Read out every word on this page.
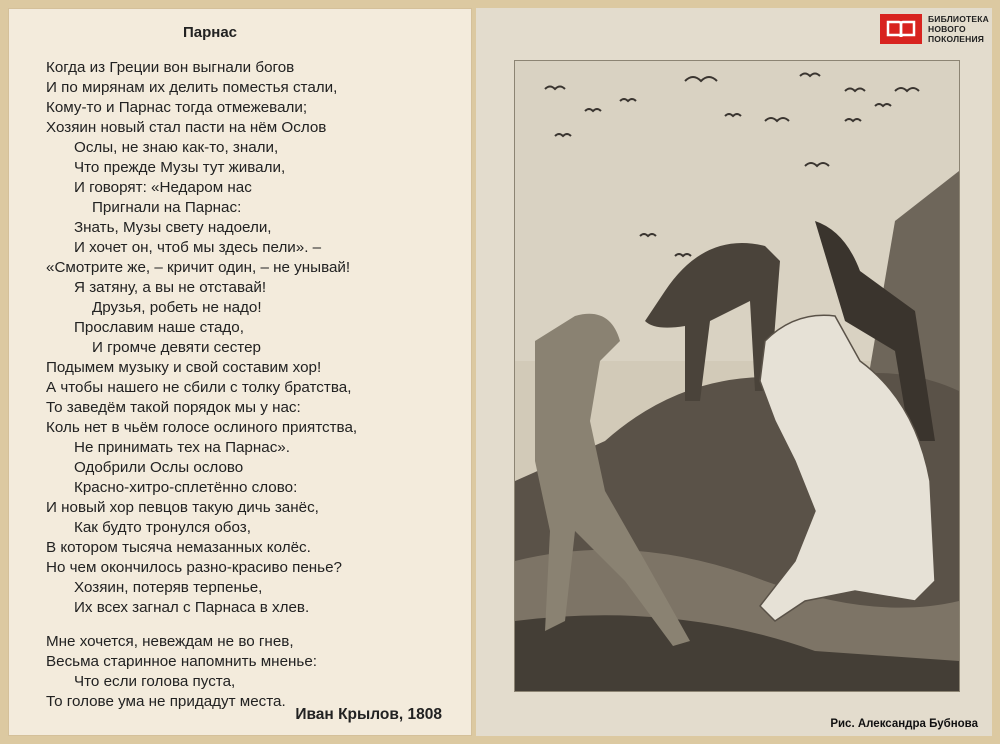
Парнас
Когда из Греции вон выгнали богов
И по мирянам их делить поместья стали,
Кому-то и Парнас тогда отмежевали;
Хозяин новый стал пасти на нём Ослов
Ослы, не знаю как-то, знали,
Что прежде Музы тут живали,
И говорят: «Недаром нас
Пригнали на Парнас:
Знать, Музы свету надоели,
И хочет он, чтоб мы здесь пели». –
«Смотрите же, – кричит один, – не унывай!
Я затяну, а вы не отставай!
Друзья, робеть не надо!
Прославим наше стадо,
И громче девяти сестер
Подымем музыку и свой составим хор!
А чтобы нашего не сбили с толку братства,
То заведём такой порядок мы у нас:
Коль нет в чьём голосе ослиного приятства,
Не принимать тех на Парнас».
Одобрили Ослы ослово
Красно-хитро-сплетённо слово:
И новый хор певцов такую дичь занёс,
Как будто тронулся обоз,
В котором тысяча немазанных колёс.
Но чем окончилось разно-красиво пенье?
Хозяин, потеряв терпенье,
Их всех загнал с Парнаса в хлев.
Мне хочется, невеждам не во гнев,
Весьма старинное напомнить мненье:
Что если голова пуста,
То голове ума не придадут места.
Иван Крылов, 1808
БИБЛИОТЕКА
НОВОГО
ПОКОЛЕНИЯ
Рис. Александра Бубнова
